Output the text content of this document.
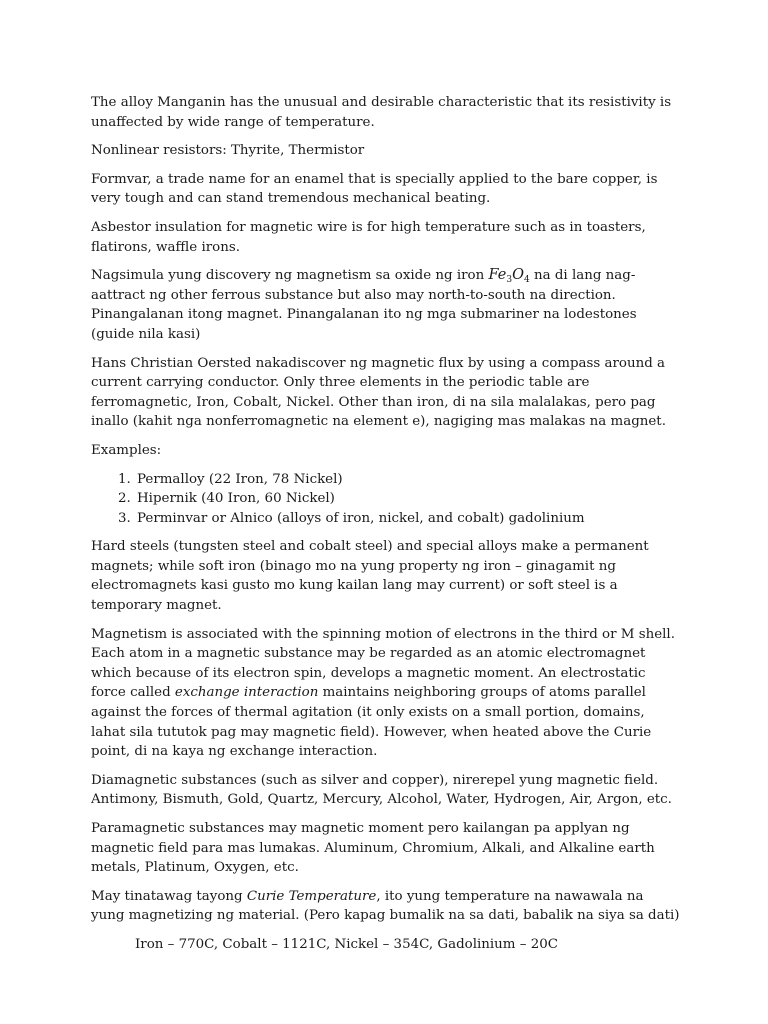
The alloy Manganin has the unusual and desirable characteristic that its resistivity is unaffected by wide range of temperature.

Nonlinear resistors: Thyrite, Thermistor

Formvar, a trade name for an enamel that is specially applied to the bare copper, is very tough and can stand tremendous mechanical beating.

Asbestor insulation for magnetic wire is for high temperature such as in toasters, flatirons, waffle irons.

Nagsimula yung discovery ng magnetism sa oxide ng iron $Fe_3O_4$ na di lang nag-aattract ng other ferrous substance but also may north-to-south na direction. Pinangalanan itong magnet. Pinangalanan ito ng mga submariner na lodestones (guide nila kasi)

Hans Christian Oersted nakadiscover ng magnetic flux by using a compass around a current carrying conductor. Only three elements in the periodic table are ferromagnetic, Iron, Cobalt, Nickel. Other than iron, di na sila malalakas, pero pag inallo (kahit nga nonferromagnetic na element e), nagiging mas malakas na magnet.

Examples:

1. Permalloy (22 Iron, 78 Nickel)
2. Hipernik (40 Iron, 60 Nickel)
3. Perminvar or Alnico (alloys of iron, nickel, and cobalt) gadolinium

Hard steels (tungsten steel and cobalt steel) and special alloys make a permanent magnets; while soft iron (binago mo na yung property ng iron – ginagamit ng electromagnets kasi gusto mo kung kailan lang may current) or soft steel is a temporary magnet.

Magnetism is associated with the spinning motion of electrons in the third or M shell. Each atom in a magnetic substance may be regarded as an atomic electromagnet which because of its electron spin, develops a magnetic moment. An electrostatic force called exchange interaction maintains neighboring groups of atoms parallel against the forces of thermal agitation (it only exists on a small portion, domains, lahat sila tututok pag may magnetic field). However, when heated above the Curie point, di na kaya ng exchange interaction.

Diamagnetic substances (such as silver and copper), nirerepel yung magnetic field. Antimony, Bismuth, Gold, Quartz, Mercury, Alcohol, Water, Hydrogen, Air, Argon, etc.

Paramagnetic substances may magnetic moment pero kailangan pa applyan ng magnetic field para mas lumakas. Aluminum, Chromium, Alkali, and Alkaline earth metals, Platinum, Oxygen, etc.

May tinatawag tayong Curie Temperature, ito yung temperature na nawawala na yung magnetizing ng material. (Pero kapag bumalik na sa dati, babalik na siya sa dati)

Iron – 770C, Cobalt – 1121C, Nickel – 354C, Gadolinium – 20C
